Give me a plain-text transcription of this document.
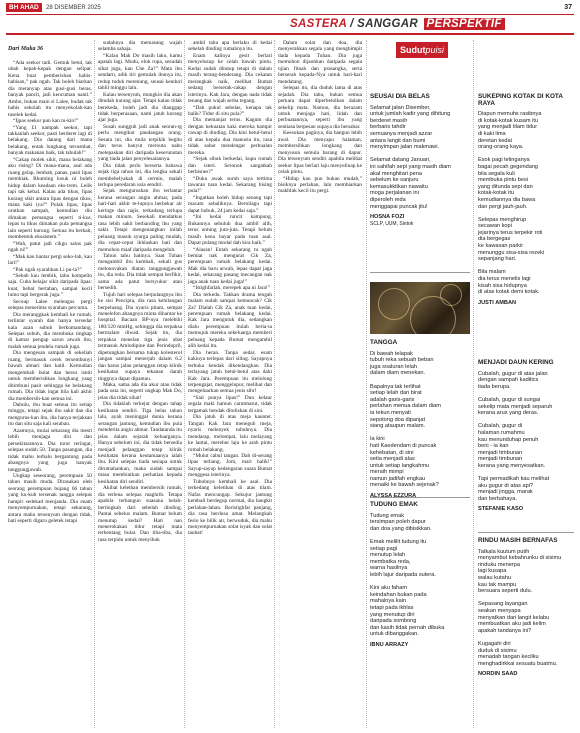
BH AHAD	28 DISEMBER 2025	37
SASTERA / SANGGAR PERSPEKTIF
Dari Muka 36

“Ada seekor tadi. Gemuk betul, tak ubah kepak-kepak dengan selipar. Kena buat pemberishan habis-habisan,” pak ngah. Tak boleh biarkan dia meranyap atas gusi-gusi beras, banyak pancit, jadi kencuman nanti.” Ambo, bukan main si Lalee, budak tak habis sekolah itu menyekolah-kan tuselek kedai.

“Ijpas seekor pun kan tu-kin!”

“Yang £1 nampak seekor, tapi takkanlah seekor, pasti berderet lagi di belakang. Dia datang dari mana belakang, entah longkang terusmhat, banyak makanan baik, tak tahulah!”

“Cakap molek sikit, mana belakang aku rising? Di mana-mana, asal ada ruang gelap, lembab, panas, pasti lipas membiak. Rhuming lusuk ni boleh hidup dalam keadaan eks-trem. Lelik tapi tak kebal. Kalau ada tikus, lipas kurang sikit antara lipas dengan tikus, mana kaki iya?” Pulak lipas, lipas urutkan sampah, kemudian diu dimakan pemangsa seperti ti-kus. lepas tu tikus dimakan pula pemangsa lain seperti burung. Semua itu berkait, membentuk ekosistem.”

“Wah, patut jadi cikgu sains pak ngah ni!”

“Mak kau hantar pergi seko-lah, kau lari!”

“Pak ngah syarahkan Li pu-la?”

“Sebab kau lembik, tahu kompelin saja. Cuba belajar sikit daripada lipas: kuat, hebat bertahan, sampai kecil lumo tapi bergerak juga.”

Secoup Lalee melengus pergi selepas menerima syarahan percuma.

Dia meranggkak kembali ke rumah, terlintar syarah dan hanya tersedar kala azan subuh berkumandang. Selepas subuh, dia membuka tingkap di kamar pengap sarun atwah ibu, malah semua jendela rumah juga.

Dia mengesan sampah di sekeliah ruang, bermasuk cerek tersembunyi bawah almari dan katil. Kemudian mengembali bulat dan bersu isntit untuk memberishkan longkang yang ditimbuni pasir sehingga ke belakang rumah. Dia tidak ingat bila kali akhir dia membersih-kan semua ini.

Dahulu, ibu buat semua itu setiap minggu, tetapi sejak ibu sakit dan dia mengurus-kan ibu, dia hanya terjaksan itu dan situ saja kali seraban.

Azamnya, mulai sekarang dia mesti lebih menjaga diri dan persekitarannya. Dia turut teringat, selepas sudah 50. Tanpa pasangan, dia tidak mahu terbalu bergantung pada abangnya yang juga banyak tanggungjawab.

Ungkap seseorang, perempuan 50 tahun masih muda. Dirasakan oleh seorang perempuan bujang 66 tahun yang ku-kuh tersenak tangga selepas hampir sedekad menjanda. Dia enam menyempurnakan, tetapi sekarang, antara mahu tersenyum dengan tidak, hati seperti digaru geletek tetapi

sudahnya dia memasang wajah selamba sahaja.

“Kalau Mak Do masih laku, kamu apatah lagi. Mudu, elok rupa, sesudah sihat juga, kan Che Za?” Mata ibu sendarn, adik tiri gemulah ibunya itu, redup tuduk merenung, seusai kenduri tahlil minggu lalu.

Kalau tersenyum, mungkin dia akan ditudah kurang ajar. Tetapi kalau tidak berekeda, boleh jadi dia dianggap tidak berperasaan, nanti jatuh kurang ajar juga.

Susah sungguh jadi anak seoran-rg perlu mengikut pandangan orang. Sesuta ini, dia mula terpikik begitu dan terus hanyut merouta nabu melepaskan diri daripada keserunutan yang tiada jalan penyelesaiannya.

Dia tidak perlu berserta bahawa sejak tiga tahun ini, dia lengka sekali membebelyakah di cermin, malah terlupa peredaran usia sendiri.

Sejak mengurushan ibu terlantar kerana serangan angin ahmar, pada hari-hari akhir te-lupnya berbekar air keringe dan najis, terkadang terlupa makan minum. Sesekali mendatkus rasa lebih sakit berbanding ibu yang sakit. Tetapi mengenangkan inilah peluang masuk syurga paling mudah, dia cepat-cepat ikhlaskan hati dan memohon maaf daripada mengeluh.

Tahun tahu hatinya. Saat Tuhan mengambil ibu kembali, sekali gus melonovakan diatan tanggungjawab itu, dia reda. Dia tidak sempat berfikir, sama ada patut bersyukur atau bersedih.

Tujuh hari selepas berpulangnya ibu ke sisi Pencipta, dia rasa kehilangan berpeluang. Dia nyaris pitam, sempat menelefon abangnya minta dihantar ke hospital. Bacaan BP-nya melebihi 180/120 mmHg, sehingga dia terpaksa bermalam diwad. Sejak itu, dia terpaksa menelan tiga jenis ubat termasuk Amlodipine dan Perindopril, dipetungkan bersama tukap kolesterol jangan sampai menerjah dalam 6.2 dan harus jalan pelanggan tetap klinik kesihatan supaya tekanan darah tinggnya dapat dipantau.

Maka, sama ada dia akur atau tidak pada usia ini, segerti ungkap Mak Do, jelas dia tidak sihat!

Dia tidaklah terkejut dengan tahap kesihatan sendiri. Tiga belas tahun lalu, ayah meninggal dunia kerana serangan jantung, kemudian ibu pula menderita angin ahmar. Tandatanda itu jelas dalam sejarah keluarganya. Hanya sebelum ini, dia tidak bersedia menjadi pelanggan tetap klinik kesihatan kerana keutamaanya ialah ibu. Kini selepas tiada sesiapa untuk dirumahankan, maka sudah sampai masa membiarkan perhatian kepada kesihatan diri sendiri.

Akibat kelethan membersih rumah, dia terlena selepas maghrib. Tetapa apabila terbangun suasana helah-bertingkah dari sebelah dinding. Pantai sebelus malam. Bumat belum menutup kedai? Hati nan menerokakan tidur tetapi mata terbentang bulat. Dan tiba-tiba, dia rasa terpidu untuk menyibuk

ambil tahu apa berlaku di kedai sebelah dinding rumahnya itu.

Enam kalinya gesit berlari menyelusup ke celah bawah pintu. Kedai sudah ditutup tetapi di dalam masih terang-benderang. Dia cekatan merangkak naik, melihat Bumat sedang berserak-cakap dengan isterinya. Kak Jara, dengan nada tidak tenang dan wajah serba tegang.

“Dah pukul sebelas, kenapa tak balik? Tidur di situ pula?”

Dia memanjat terus. Kagum dia dengan kekuatan kaki mereka hampir cawap di dinding. Dia kini betul-betul di atas kepala dua manusia itu, rasa tidak sabar mendengar perbualan mereka.

“Sejak sibuk berkedai, kupu rumah dan isteri. Seronok sangatkah berbisnes?”

“Duku awak suruh saya tertima tawaran tuan kedai. Sekarang bising pula!”

“Ingatkan boleh hidup senang tapi macam sebaliknya. Bernilagu tapi dapat hubuk, 24 jam kedai saja.”

“Ini kedai runcit kampung. Bukannya sebuluh dua ambil alih, terus untung juta-juta. Tetapi belum masih kena bayar pada tuan asal. Dapat pulang modal dah kira baik.”

“Alasan! Entah sekarang tu ngah bemiat nak mengurat Cik Za, perempuan rumah belakang kedai. Mak dia baru arwah, lepas dapat jaga kedai, sekarang pasang mecangan nak jaga anak tuan kedai juga!”

“Istighfarlah, merepek apa ni Jara!”

Dia terkedu. Takkan drama tengah malam sudah sampai kemuncak? Cik Za? Dialah Cik Za, anak tuan kedai, perempuan rumah belakang kedai. Kak Jara mengutuk dia, sedangkan dialu perempuan itulah beria-ia memujuk mereka sekeluarga memberi peluang kepada Bumat mengambil alih kedai itu.

Dia heran. Tanpa sedar, esam kakinya terlepas dari siling. Sayapnya terbuka kendak dikendangkan. Dia terlayang jatuh betul-betul atas dahi Kak Jara. Perempuan itu melolong terpengajat, menggelupur, melihat dan mengeluarkan semua jenis sihr!

“Sial punya lipas!” Dun kelaur segala maki hamun carutmarut, tidak tergamak hendak dituliskan di sini.

Dia jatuh di atas meja kaunter. Tangan Kak Jara meneguh meja, nyaris melenyek tubuhnya. Dia mendarap, melompat, lalu melayang ke lantai, merebut laju ke arah pintu rumah belakang.

“Mulut cabul tangan. Dah di-serang lipas terbang. Jom, mari balik!” Sayup-sayup kedengaran suara Bumat menggesa isterinya.

Tubuhnya kembali ke asal. Dia terkedang keletihan di atas tilam. Nafas mencungap. Sekujur jantung kembali berdegup normal, dia bangkit perlahan-lahan. Beristighfar panjang, dia rasa berdosa amat. Melangkah fesio ke bilik air, berwuduk, dia mahu menyempurnakan solat isyak dan solat taubat!

Dalam solat dan doa, dia menyerahkan segala yang menghimpit dada kepada Tuhan. Dia juga memohon dijauhkan daripada segala ujian fitnah dan prasangka, serta berserah kepada-Nya untuk hari-hari mendatang.

Selepas itu, dia duduk lama di atas sejadah. Dia tahu, bukan semua perkara dapat diperbetulkan dalam sekelip mata. Namun, dia berazam untuk menjaga hati, lidah dan perbuatannya, seperti ibu yang sentiasa berpesan supaya dia bersabar.

Keesokan paginya, dia bangun lebih awal. Dia menyapu halaman, membersihkan longkang dan menyusun semula barang di dapur. Dia tersenyum sendiri apabila melihat seekor lipas berlari laju menyelinap ke celah pintu.

“Hidup kau pun bukan mudah,” bisiknya perlahan, lalu membiarkan makhluk kecil itu pergi.

Sudutpuisi
SEUSAI DIA BELAS
Selamat jalan Disember,
untuk jumlah kadir yang dihitung
berderet masih
berbaris tahdir
semuanya menjadi azzar
antara langit dan bumi
menyimpan jalan makmawi.
Selamat datang Januari,
ini sahifah sepi yang masih diam
akal menghitari pena
sebelum ke sanjuru
kemasukkitkan nawaitu
moga perjalanan ini
diperoleh reda
menggapai puncak jitu!
HOSNA FOZI
SCLP, UUM, Sintok
SUKEPING KOTAK DI KOTA RAYA
Diapun memuhs rasibnya
di kotak-kotak kusam itu
yang menjadi tilam tidur
di kaki lima
deretan kedai
orang-orang kaya.
Esok pagi telinganya
bagai pecah gegendang
bila segala kuli
membuka pintu besi
yang ditunda sepi dan
kotak-kotak itu
kemudiannya dia bawa
dan pergi jauh-jauh.
Selepas menghirup
secawan kopi
jejarinya terus terpekir roti
dia bergegas
ke kawasan parkir
menunggu sisa-sisa rezeki
sepanjang hari.
Bila malam
dia terus menelis lagi
kisah sisa hidupnya
di atas kotak demi kotak.
JUSTI AMBAN
TANGGA
Di bawah telapak
tubuh reka sebuah beban
juga soaluran lelah
dalam diam menekan.
Bapalnya tak terlihat
setiap lelah dan birat
adalah garis-garis
perlahan menua dalam diam
ia tekun menyati
sepotong doa dipanjat
siang ataupun malam.
Ia kini
hati Kaedendam di puncak
kehebatan, di sini
setia menjadi alas
untuk setiap langkahmu
meraih mimpi
namun jadifah engkau
menaiki ke bawah sejenak?
ALYSSA EZZURA
MENJADI DAUN KERING
Cubalah, gugur di atas jalan
dengan sampah kaditics
tiada berupa.
Cubalah, gugur di sungai
sekelip mata menjadi separuh
kerana arus yang deras.
Cubalah, gugur di
halaman rumahmu
kau menunduhap penuh
beni - ia kan
menjadi timbunan
menjadi timbunan
kerana yang menyesatkan.
Tapi permadikah kau melihat
aku gugur di atas api?
menjadi jingga, marak
dan berbahaya.
STEFANIE KASO
TUDUNG EMAK
Tudung emak
tersimpan poleh dapur
dan doa yang dibisikkan.
Emak melilit tudung itu
setiap pagi
menutup lelah
membatka reda,
warna hasilnya
lebih lajur daripada sutera.
Kini aku faham
keindahan bukan pada
mahalnya kain
tetapi pada ikhlas
yang menutup diri
daripada sombong
dan kasih tidak pernah dibuka
untuk dibanggakan.
IBNU ARRAZY
RINDU MASIH BERNAFAS
Tatkala kuutum putih
menyambut kebahrunku di sisimu
rinduku menerpa
lagi kusapa
walau kutahu
kau tak mampu
bersuara seperti dulu.
Sepasang layangan
seakan menyapa
menyatkan dari langit kelabu
membuatkan aku jadi kelim
apakah tandanya ini?
Kugagahi diri
duduk di sisimu
menadah tangan kecilku
menghadirkkai sesuatu buatmu.
NORDIN SAAD
